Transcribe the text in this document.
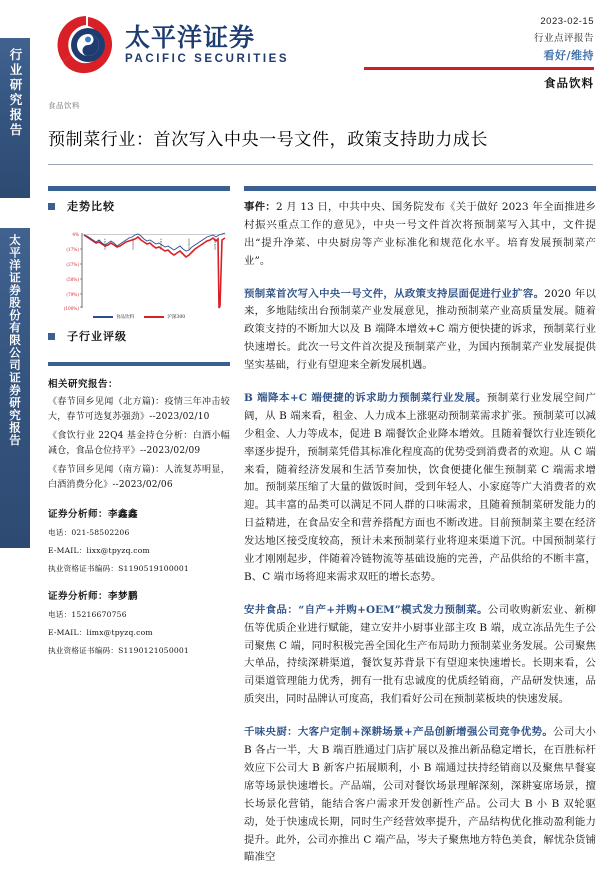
行业研究报告
太平洋证券股份有限公司证券研究报告
太平洋证券
PACIFIC SECURITIES
2023-02-15
行业点评报告
看好/维持
食品饮料
食品饮料
预制菜行业：首次写入中央一号文件，政策支持助力成长
走势比较
4%
(17%)
(37%)
(58%)
(79%)
(100%)
22/2/15	22/4/28	22/7/12	22/9/23	22/12/6
食品饮料	沪深300
子行业评级
相关研究报告：
《春节回乡见闻（北方篇)：疫情三年冲击较大，春节可选复苏强劲》--2023/02/10
《食饮行业 22Q4 基金持仓分析：白酒小幅减仓，食品仓位持平》--2023/02/09
《春节回乡见闻（南方篇)：人流复苏明显，白酒消费分化》--2023/02/06
证券分析师：李鑫鑫
电话：021-58502206
E-MAIL：lixx@tpyzq.com
执业资格证书编码：S1190519100001
证券分析师：李梦鹏
电话：15216670756
E-MAIL：limx@tpyzq.com
执业资格证书编码：S1190121050001

事件：2 月 13 日，中共中央、国务院发布《关于做好 2023 年全面推进乡村振兴重点工作的意见》，中央一号文件首次将预制菜写入其中，文件提出“提升净菜、中央厨房等产业标准化和规范化水平。培育发展预制菜产业”。

预制菜首次写入中央一号文件，从政策支持层面促进行业扩容。2020 年以来，多地陆续出台预制菜产业发展意见，推动预制菜产业高质量发展。随着政策支持的不断加大以及 B 端降本增效+C 端方便快捷的诉求，预制菜行业快速增长。此次一号文件首次提及预制菜产业，为国内预制菜产业发展提供坚实基础，行业有望迎来全新发展机遇。

B 端降本+C 端便捷的诉求助力预制菜行业发展。预制菜行业发展空间广阔，从 B 端来看，租金、人力成本上涨驱动预制菜需求扩张。预制菜可以减少租金、人力等成本，促进 B 端餐饮企业降本增效。且随着餐饮行业连锁化率逐步提升，预制菜凭借其标准化程度高的优势受到消费者的欢迎。从 C 端来看，随着经济发展和生活节奏加快，饮食便捷化催生预制菜 C 端需求增加。预制菜压缩了大量的做饭时间，受到年轻人、小家庭等广大消费者的欢迎。其丰富的品类可以满足不同人群的口味需求，且随着预制菜研发能力的日益精进，在食品安全和营养搭配方面也不断改进。目前预制菜主要在经济发达地区接受度较高，预计未来预制菜行业将迎来渠道下沉。中国预制菜行业才刚刚起步，伴随着冷链物流等基础设施的完善，产品供给的不断丰富，B、C 端市场将迎来需求双旺的增长态势。

安井食品：“自产+并购+OEM”模式发力预制菜。公司收购新宏业、新柳伍等优质企业进行赋能，建立安井小厨事业部主攻 B 端，成立冻品先生子公司聚焦 C 端，同时积极完善全国化生产布局助力预制菜业务发展。公司聚焦大单品，持续深耕渠道，餐饮复苏背景下有望迎来快速增长。长期来看，公司渠道管理能力优秀，拥有一批有忠诚度的优质经销商，产品研发快速，品质突出，同时品牌认可度高，我们看好公司在预制菜板块的快速发展。

千味央厨：大客户定制+深耕场景+产品创新增强公司竞争优势。公司大小 B 各占一半，大 B 端百胜通过门店扩展以及推出新品稳定增长，在百胜标杆效应下公司大 B 新客户拓展顺利，小 B 端通过扶持经销商以及聚焦早餐宴席等场景快速增长。产品端，公司对餐饮场景理解深刻，深耕宴席场景，擅长场景化营销，能结合客户需求开发创新性产品。公司大 B 小 B 双轮驱动，处于快速成长期，同时生产经营效率提升，产品结构优化推动盈利能力提升。此外，公司亦推出 C 端产品，岑夫子聚焦地方特色美食，解忧杂货铺瞄准空
